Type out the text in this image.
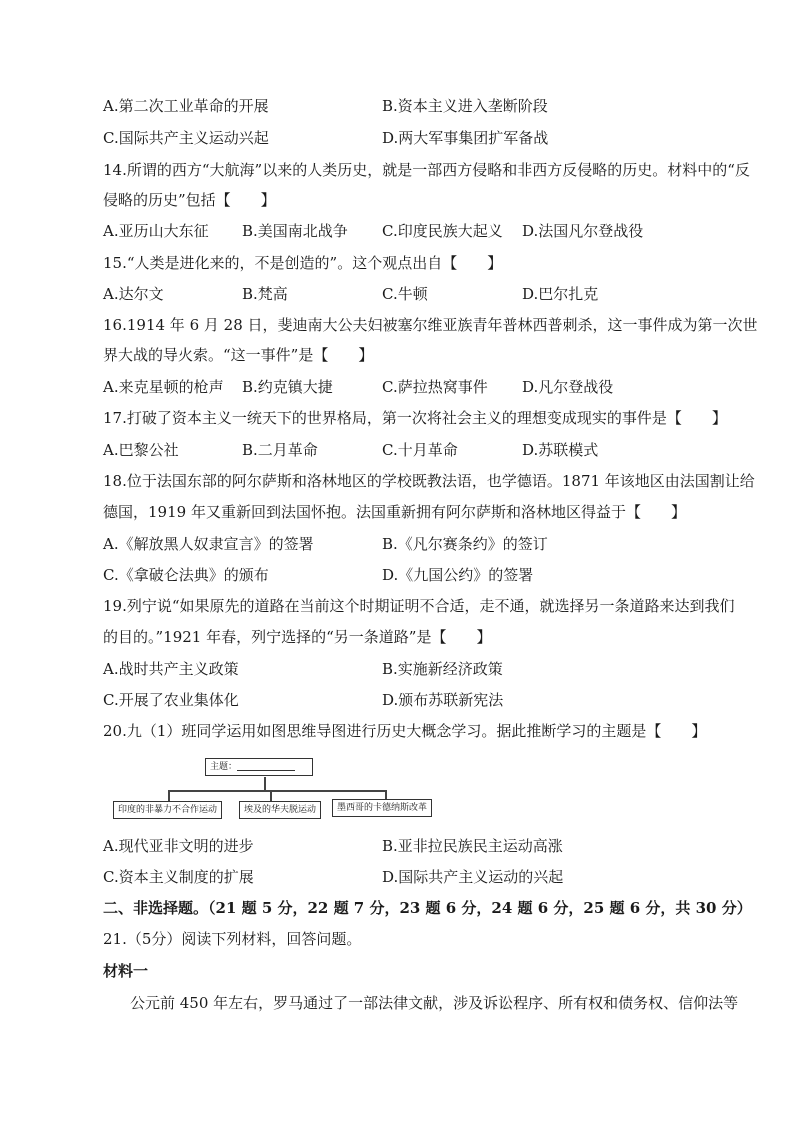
A.第二次工业革命的开展	B.资本主义进入垄断阶段
C.国际共产主义运动兴起	D.两大军事集团扩军备战
14.所谓的西方“大航海”以来的人类历史，就是一部西方侵略和非西方反侵略的历史。材料中的“反
侵略的历史”包括【　　】
A.亚历山大东征 B.美国南北战争 C.印度民族大起义 D.法国凡尔登战役
15.“人类是进化来的，不是创造的”。这个观点出自【　　】
A.达尔文	B.梵高	C.牛顿	D.巴尔扎克
16.1914 年 6 月 28 日，斐迪南大公夫妇被塞尔维亚族青年普林西普刺杀，这一事件成为第一次世
界大战的导火索。“这一事件”是【　　】
A.来克星顿的枪声 B.约克镇大捷	C.萨拉热窝事件 D.凡尔登战役
17.打破了资本主义一统天下的世界格局，第一次将社会主义的理想变成现实的事件是【　　】
A.巴黎公社	B.二月革命	C.十月革命	D.苏联模式
18.位于法国东部的阿尔萨斯和洛林地区的学校既教法语，也学德语。1871 年该地区由法国割让给
德国，1919 年又重新回到法国怀抱。法国重新拥有阿尔萨斯和洛林地区得益于【　　】
A.《解放黑人奴隶宣言》的签署	B.《凡尔赛条约》的签订
C.《拿破仑法典》的颁布	D.《九国公约》的签署
19.列宁说“如果原先的道路在当前这个时期证明不合适，走不通，就选择另一条道路来达到我们
的目的。”1921 年春，列宁选择的“另一条道路”是【　　】
A.战时共产主义政策	B.实施新经济政策
C.开展了农业集体化	D.颁布苏联新宪法
20.九（1）班同学运用如图思维导图进行历史大概念学习。据此推断学习的主题是【　　】
主题：
印度的非暴力不合作运动	埃及的华夫脱运动	墨西哥的卡德纳斯改革
A.现代亚非文明的进步	B.亚非拉民族民主运动高涨
C.资本主义制度的扩展	D.国际共产主义运动的兴起
二、非选择题。（21 题 5 分，22 题 7 分，23 题 6 分，24 题 6 分，25 题 6 分，共 30 分）
21.（5分）阅读下列材料，回答问题。
材料一
公元前 450 年左右，罗马通过了一部法律文献，涉及诉讼程序、所有权和债务权、信仰法等
